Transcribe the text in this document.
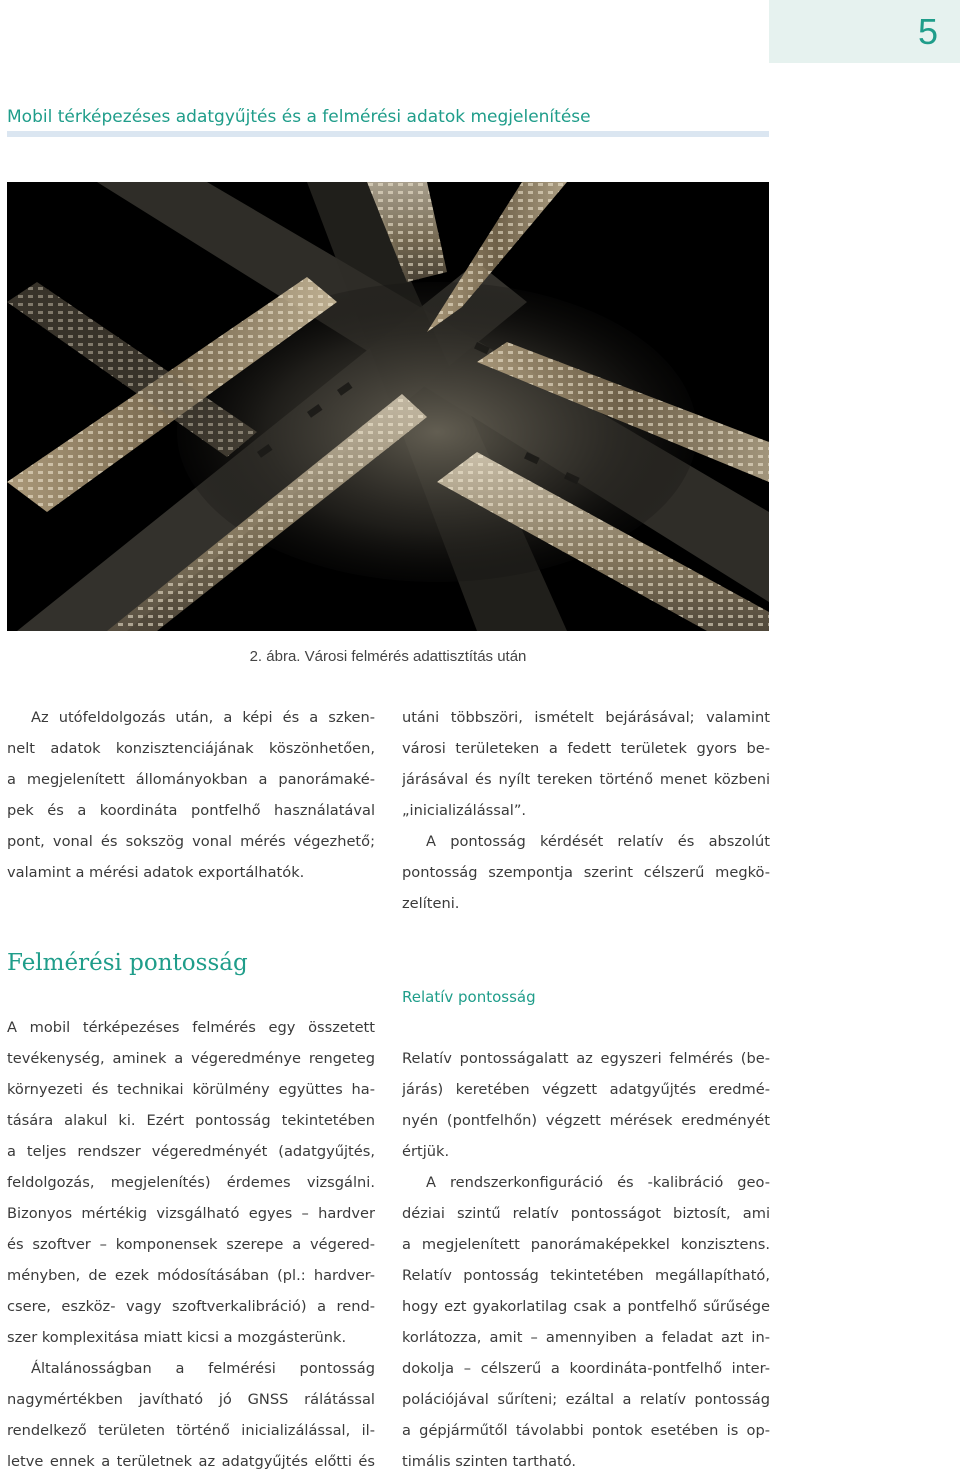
5
Mobil térképezéses adatgyűjtés és a felmérési adatok megjelenítése
2. ábra. Városi felmérés adattisztítás után
Az utófeldolgozás után, a képi és a szken-
nelt adatok konzisztenciájának köszönhetően,
a megjelenített állományokban a panorámaké-
pek és a koordináta pontfelhő használatával
pont, vonal és sokszög vonal mérés végezhető;
valamint a mérési adatok exportálhatók.
utáni többszöri, ismételt bejárásával; valamint
városi területeken a fedett területek gyors be-
járásával és nyílt tereken történő menet közbeni
„inicializálással”.
A pontosság kérdését relatív és abszolút
pontosság szempontja szerint célszerű megkö-
zelíteni.
Felmérési pontosság
A mobil térképezéses felmérés egy összetett
tevékenység, aminek a végeredménye rengeteg
környezeti és technikai körülmény együttes ha-
tására alakul ki. Ezért pontosság tekintetében
a teljes rendszer végeredményét (adatgyűjtés,
feldolgozás, megjelenítés) érdemes vizsgálni.
Bizonyos mértékig vizsgálható egyes – hardver
és szoftver – komponensek szerepe a végered-
ményben, de ezek módosításában (pl.: hardver-
csere, eszköz- vagy szoftverkalibráció) a rend-
szer komplexitása miatt kicsi a mozgásterünk.
Általánosságban a felmérési pontosság
nagymértékben javítható jó GNSS rálátással
rendelkező területen történő inicializálással, il-
letve ennek a területnek az adatgyűjtés előtti és
Relatív pontosság
Relatív pontosságalatt az egyszeri felmérés (be-
járás) keretében végzett adatgyűjtés eredmé-
nyén (pontfelhőn) végzett mérések eredményét
értjük.
A rendszerkonfiguráció és -kalibráció geo-
déziai szintű relatív pontosságot biztosít, ami
a megjelenített panorámaképekkel konzisztens.
Relatív pontosság tekintetében megállapítható,
hogy ezt gyakorlatilag csak a pontfelhő sűrűsége
korlátozza, amit – amennyiben a feladat azt in-
dokolja – célszerű a koordináta-pontfelhő inter-
polációjával sűríteni; ezáltal a relatív pontosság
a gépjárműtől távolabbi pontok esetében is op-
timális szinten tartható.
